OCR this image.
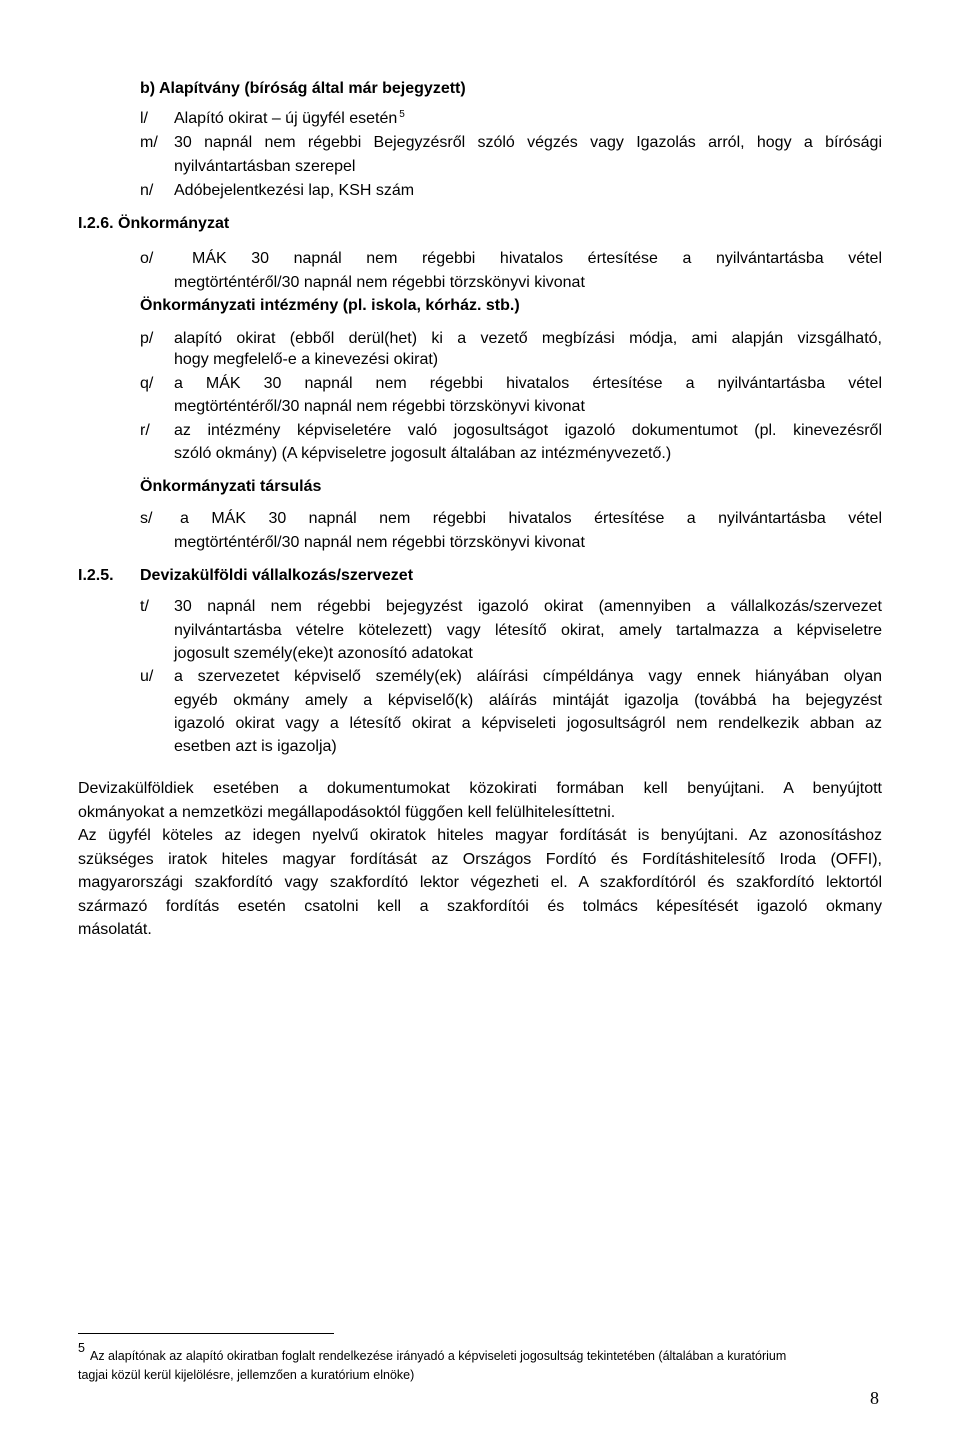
b) Alapítvány (bíróság által már bejegyzett)
l/ Alapító okirat – új ügyfél esetén $^5$
m/ 30 napnál nem régebbi Bejegyzésről szóló végzés vagy Igazolás arról, hogy a bírósági
nyilvántartásban szerepel
n/ Adóbejelentkezési lap, KSH szám
I.2.6. Önkormányzat
o/ MÁK 30 napnál nem régebbi hivatalos értesítése a nyilvántartásba vétel
megtörténtéről/30 napnál nem régebbi törzskönyvi kivonat
Önkormányzati intézmény (pl. iskola, kórház. stb.)
p/ alapító okirat (ebből derül(het) ki a vezető megbízási módja, ami alapján vizsgálható,
hogy megfelelő-e a kinevezési okirat)
q/ a MÁK 30 napnál nem régebbi hivatalos értesítése a nyilvántartásba vétel
megtörténtéről/30 napnál nem régebbi törzskönyvi kivonat
r/ az intézmény képviseletére való jogosultságot igazoló dokumentumot (pl. kinevezésről
szóló okmány) (A képviseletre jogosult általában az intézményvezető.)
Önkormányzati társulás
s/ a MÁK 30 napnál nem régebbi hivatalos értesítése a nyilvántartásba vétel
megtörténtéről/30 napnál nem régebbi törzskönyvi kivonat
I.2.5. Devizakülföldi vállalkozás/szervezet
t/ 30 napnál nem régebbi bejegyzést igazoló okirat (amennyiben a vállalkozás/szervezet
nyilvántartásba vételre kötelezett) vagy létesítő okirat, amely tartalmazza a képviseletre
jogosult személy(eke)t azonosító adatokat
u/ a szervezetet képviselő személy(ek) aláírási címpéldánya vagy ennek hiányában olyan
egyéb okmány amely a képviselő(k) aláírás mintáját igazolja (továbbá ha bejegyzést
igazoló okirat vagy a létesítő okirat a képviseleti jogosultságról nem rendelkezik abban az
esetben azt is igazolja)
Devizakülföldiek esetében a dokumentumokat közokirati formában kell benyújtani. A benyújtott
okmányokat a nemzetközi megállapodásoktól függően kell felülhitelesíttetni.
Az ügyfél köteles az idegen nyelvű okiratok hiteles magyar fordítását is benyújtani. Az azonosításhoz
szükséges iratok hiteles magyar fordítását az Országos Fordító és Fordításhitelesítő Iroda (OFFI),
magyarországi szakfordító vagy szakfordító lektor végezheti el. A szakfordítóról és szakfordító lektortól
származó fordítás esetén csatolni kell a szakfordítói és tolmács képesítését igazoló okmany
másolatát.
5
Az alapítónak az alapító okiratban foglalt rendelkezése irányadó a képviseleti jogosultság tekintetében (általában a kuratórium
tagjai közül kerül kijelölésre, jellemzően a kuratórium elnöke)
8
